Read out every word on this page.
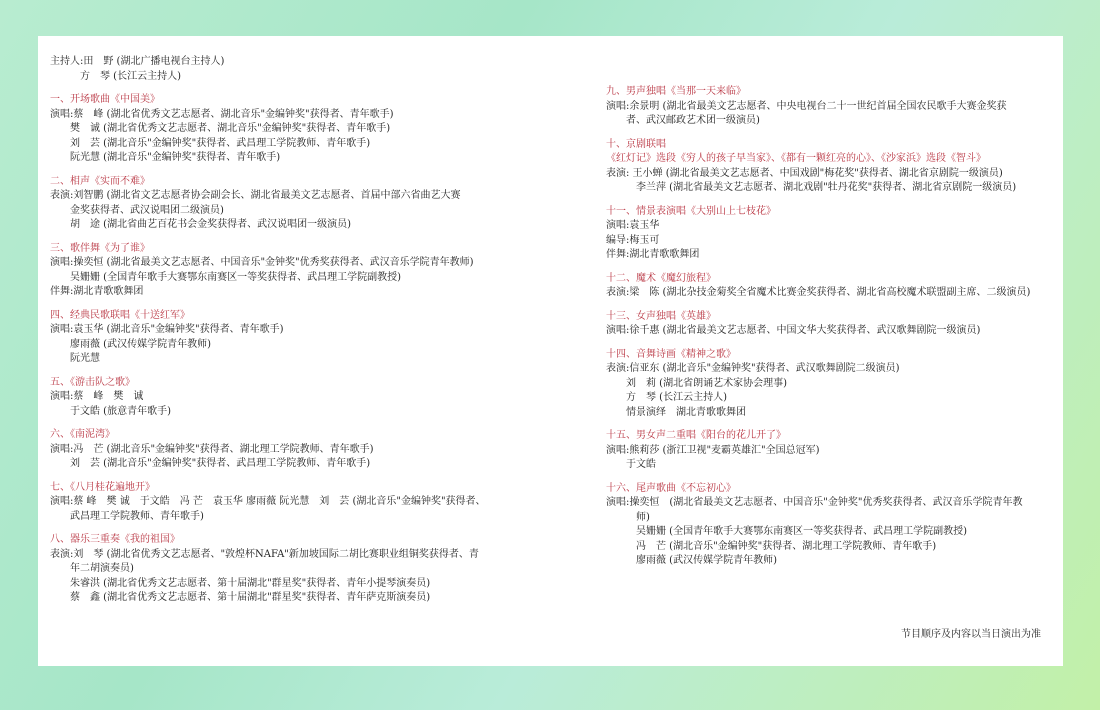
主持人:田　野 (湖北广播电视台主持人)
　　　方　琴 (长江云主持人)
一、开场歌曲《中国美》
演唱:蔡　峰 (湖北省优秀文艺志愿者、湖北音乐"金编钟奖"获得者、青年歌手)
　　樊　诚 (湖北省优秀文艺志愿者、湖北音乐"金编钟奖"获得者、青年歌手)
　　刘　芸 (湖北音乐"金编钟奖"获得者、武昌理工学院教师、青年歌手)
　　阮光慧 (湖北音乐"金编钟奖"获得者、青年歌手)
二、相声《实而不难》
表演:刘智鹏 (湖北省文艺志愿者协会副会长、湖北省最美文艺志愿者、首届中部六省曲艺大赛
　　金奖获得者、武汉说唱团二级演员)
　　胡　途 (湖北省曲艺百花书会金奖获得者、武汉说唱团一级演员)
三、歌伴舞《为了谁》
演唱:操奕恒 (湖北省最美文艺志愿者、中国音乐"金钟奖"优秀奖获得者、武汉音乐学院青年教师)
　　吴姗姗 (全国青年歌手大赛鄂东南赛区一等奖获得者、武昌理工学院副教授)
伴舞:湖北青歌歌舞团
四、经典民歌联唱《十送红军》
演唱:袁玉华 (湖北音乐"金编钟奖"获得者、青年歌手)
　　廖雨薇 (武汉传媒学院青年教师)
　　阮光慧
五、《游击队之歌》
演唱:蔡　峰　樊　诚
　　于文皓 (旅意青年歌手)
六、《南泥湾》
演唱:冯　芒 (湖北音乐"金编钟奖"获得者、湖北理工学院教师、青年歌手)
　　刘　芸 (湖北音乐"金编钟奖"获得者、武昌理工学院教师、青年歌手)
七、《八月桂花遍地开》
演唱:蔡 峰　樊 诚　于文皓　冯 芒　袁玉华 廖雨薇 阮光慧　刘　芸 (湖北音乐"金编钟奖"获得者、
　　武昌理工学院教师、青年歌手)
八、器乐三重奏《我的祖国》
表演:刘　琴 (湖北省优秀文艺志愿者、"敦煌杯NAFA"新加坡国际二胡比赛职业组铜奖获得者、青
　　年二胡演奏员)
　　朱睿洪 (湖北省优秀文艺志愿者、第十届湖北"群星奖"获得者、青年小提琴演奏员)
　　蔡　鑫 (湖北省优秀文艺志愿者、第十届湖北"群星奖"获得者、青年萨克斯演奏员)
九、男声独唱《当那一天来临》
演唱:余景明 (湖北省最美文艺志愿者、中央电视台二十一世纪首届全国农民歌手大赛金奖获
　　者、武汉邮政艺术团一级演员)
十、京剧联唱
《红灯记》选段《穷人的孩子早当家》、《都有一颗红亮的心》、《沙家浜》选段《智斗》
表演: 王小蝉 (湖北省最美文艺志愿者、中国戏剧"梅花奖"获得者、湖北省京剧院一级演员)
　　　李兰萍 (湖北省最美文艺志愿者、湖北戏剧"牡丹花奖"获得者、湖北省京剧院一级演员)
十一、情景表演唱《大别山上七枝花》
演唱:袁玉华
编导:梅玉可
伴舞:湖北青歌歌舞团
十二、魔术《魔幻旅程》
表演:梁　陈 (湖北杂技金菊奖全省魔术比赛金奖获得者、湖北省高校魔术联盟副主席、二级演员)
十三、女声独唱《英雄》
演唱:徐千惠 (湖北省最美文艺志愿者、中国文华大奖获得者、武汉歌舞剧院一级演员)
十四、音舞诗画《精神之歌》
表演:信亚东 (湖北音乐"金编钟奖"获得者、武汉歌舞剧院二级演员)
　　刘　莉 (湖北省朗诵艺术家协会理事)
　　方　琴 (长江云主持人)
　　情景演绎　湖北青歌歌舞团
十五、男女声二重唱《阳台的花儿开了》
演唱:熊莉莎 (浙江卫视"麦霸英雄汇"全国总冠军)
　　于文皓
十六、尾声歌曲《不忘初心》
演唱:操奕恒　(湖北省最美文艺志愿者、中国音乐"金钟奖"优秀奖获得者、武汉音乐学院青年教
　　　师)
　　　吴姗姗 (全国青年歌手大赛鄂东南赛区一等奖获得者、武昌理工学院副教授)
　　　冯　芒 (湖北音乐"金编钟奖"获得者、湖北理工学院教师、青年歌手)
　　　廖雨薇 (武汉传媒学院青年教师)
节目顺序及内容以当日演出为准
